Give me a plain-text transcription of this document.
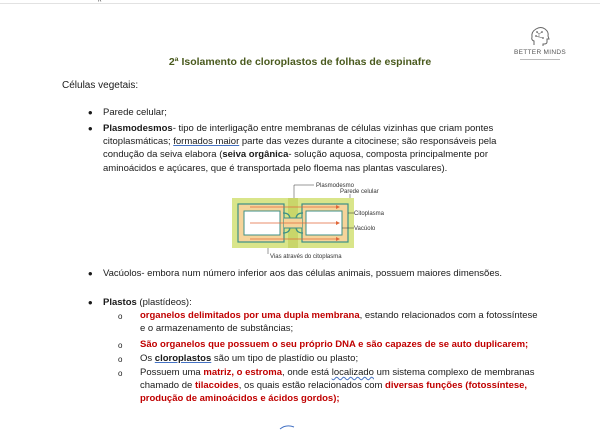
^
BETTER MINDS
2ª Isolamento de cloroplastos de folhas de espinafre
Células vegetais:
• Parede celular;
• Plasmodesmos- tipo de interligação entre membranas de células vizinhas que criam pontes citoplasmáticas; formados maior parte das vezes durante a citocinese; são responsáveis pela condução da seiva elabora (seiva orgânica- solução aquosa, composta principalmente por aminoácidos e açúcares, que é transportada pelo floema nas plantas vasculares).
Plasmodesmo
Parede celular
Citoplasma
Vacúolo
Vias através do citoplasma
• Vacúolos- embora num número inferior aos das células animais, possuem maiores dimensões.
• Plastos (plastídeos):
o organelos delimitados por uma dupla membrana, estando relacionados com a fotossíntese e o armazenamento de substâncias;
o São organelos que possuem o seu próprio DNA e são capazes de se auto duplicarem;
o Os cloroplastos são um tipo de plastídio ou plasto;
o Possuem uma matriz, o estroma, onde está localizado um sistema complexo de membranas chamado de tilacoides, os quais estão relacionados com diversas funções (fotossíntese, produção de aminoácidos e ácidos gordos);
